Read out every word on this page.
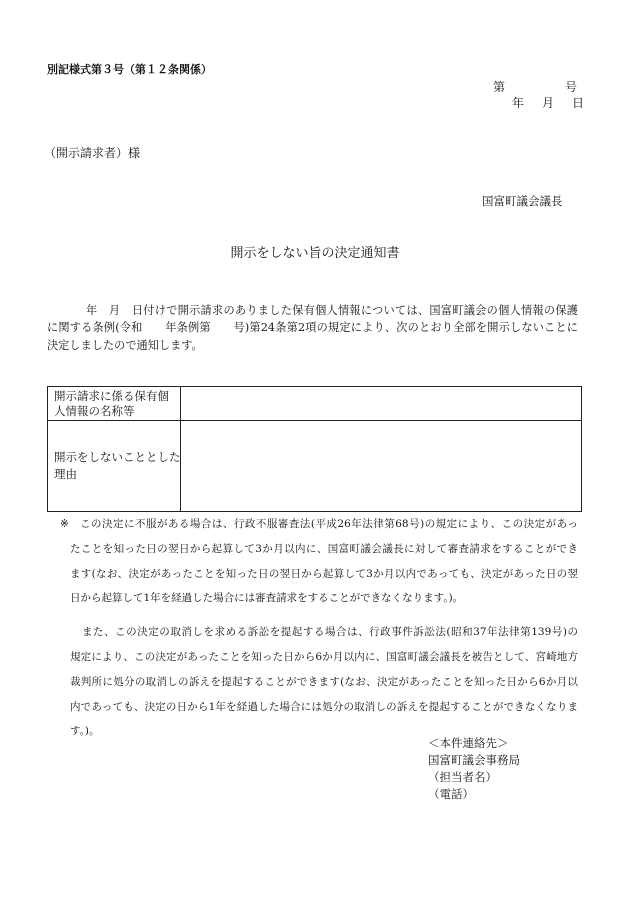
別記様式第３号（第１２条関係）
第　　　　　号
年　月　日
（開示請求者）様
国富町議会議長
開示をしない旨の決定通知書
年　月　日付けで開示請求のありました保有個人情報については、国富町議会の個人情報の保護
に関する条例(令和　　年条例第　　号)第24条第2項の規定により、次のとおり全部を開示しないことに
決定しましたので通知します。
開示請求に係る保有個
人情報の名称等
開示をしないこととした
理由
※ この決定に不服がある場合は、行政不服審査法(平成26年法律第68号)の規定により、この決定があっ
たことを知った日の翌日から起算して3か月以内に、国富町議会議長に対して審査請求をすることができ
ます(なお、決定があったことを知った日の翌日から起算して3か月以内であっても、決定があった日の翌
日から起算して1年を経過した場合には審査請求をすることができなくなります。)。
また、この決定の取消しを求める訴訟を提起する場合は、行政事件訴訟法(昭和37年法律第139号)の
規定により、この決定があったことを知った日から6か月以内に、国富町議会議長を被告として、宮崎地方
裁判所に処分の取消しの訴えを提起することができます(なお、決定があったことを知った日から6か月以
内であっても、決定の日から1年を経過した場合には処分の取消しの訴えを提起することができなくなりま
す。)。
＜本件連絡先＞
国富町議会事務局
（担当者名）
（電話）
